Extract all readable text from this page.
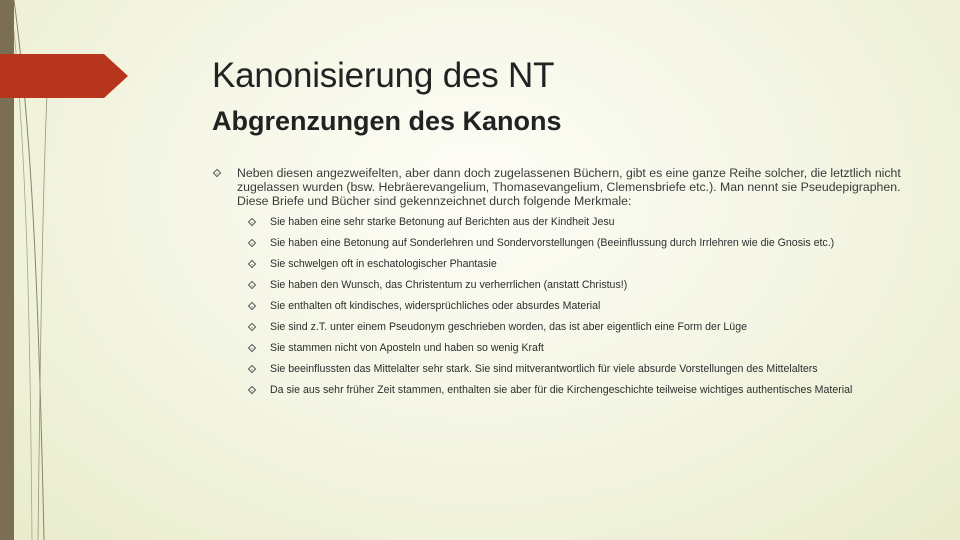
Kanonisierung des NT
Abgrenzungen des Kanons
Neben diesen angezweifelten, aber dann doch zugelassenen Büchern, gibt es eine ganze Reihe solcher, die letztlich nicht zugelassen wurden (bsw. Hebräerevangelium, Thomasevangelium, Clemensbriefe etc.). Man nennt sie Pseudepigraphen. Diese Briefe und Bücher sind gekennzeichnet durch folgende Merkmale:
Sie haben eine sehr starke Betonung auf Berichten aus der Kindheit Jesu
Sie haben eine Betonung auf Sonderlehren und Sondervorstellungen (Beeinflussung durch Irrlehren wie die Gnosis etc.)
Sie schwelgen oft in eschatologischer Phantasie
Sie haben den Wunsch, das Christentum zu verherrlichen (anstatt Christus!)
Sie enthalten oft kindisches, widersprüchliches oder absurdes Material
Sie sind z.T. unter einem Pseudonym geschrieben worden, das ist aber eigentlich eine Form der Lüge
Sie stammen nicht von Aposteln und haben so wenig Kraft
Sie beeinflussten das Mittelalter sehr stark. Sie sind mitverantwortlich für viele absurde Vorstellungen des Mittelalters
Da sie aus sehr früher Zeit stammen, enthalten sie aber für die Kirchengeschichte teilweise wichtiges authentisches Material
